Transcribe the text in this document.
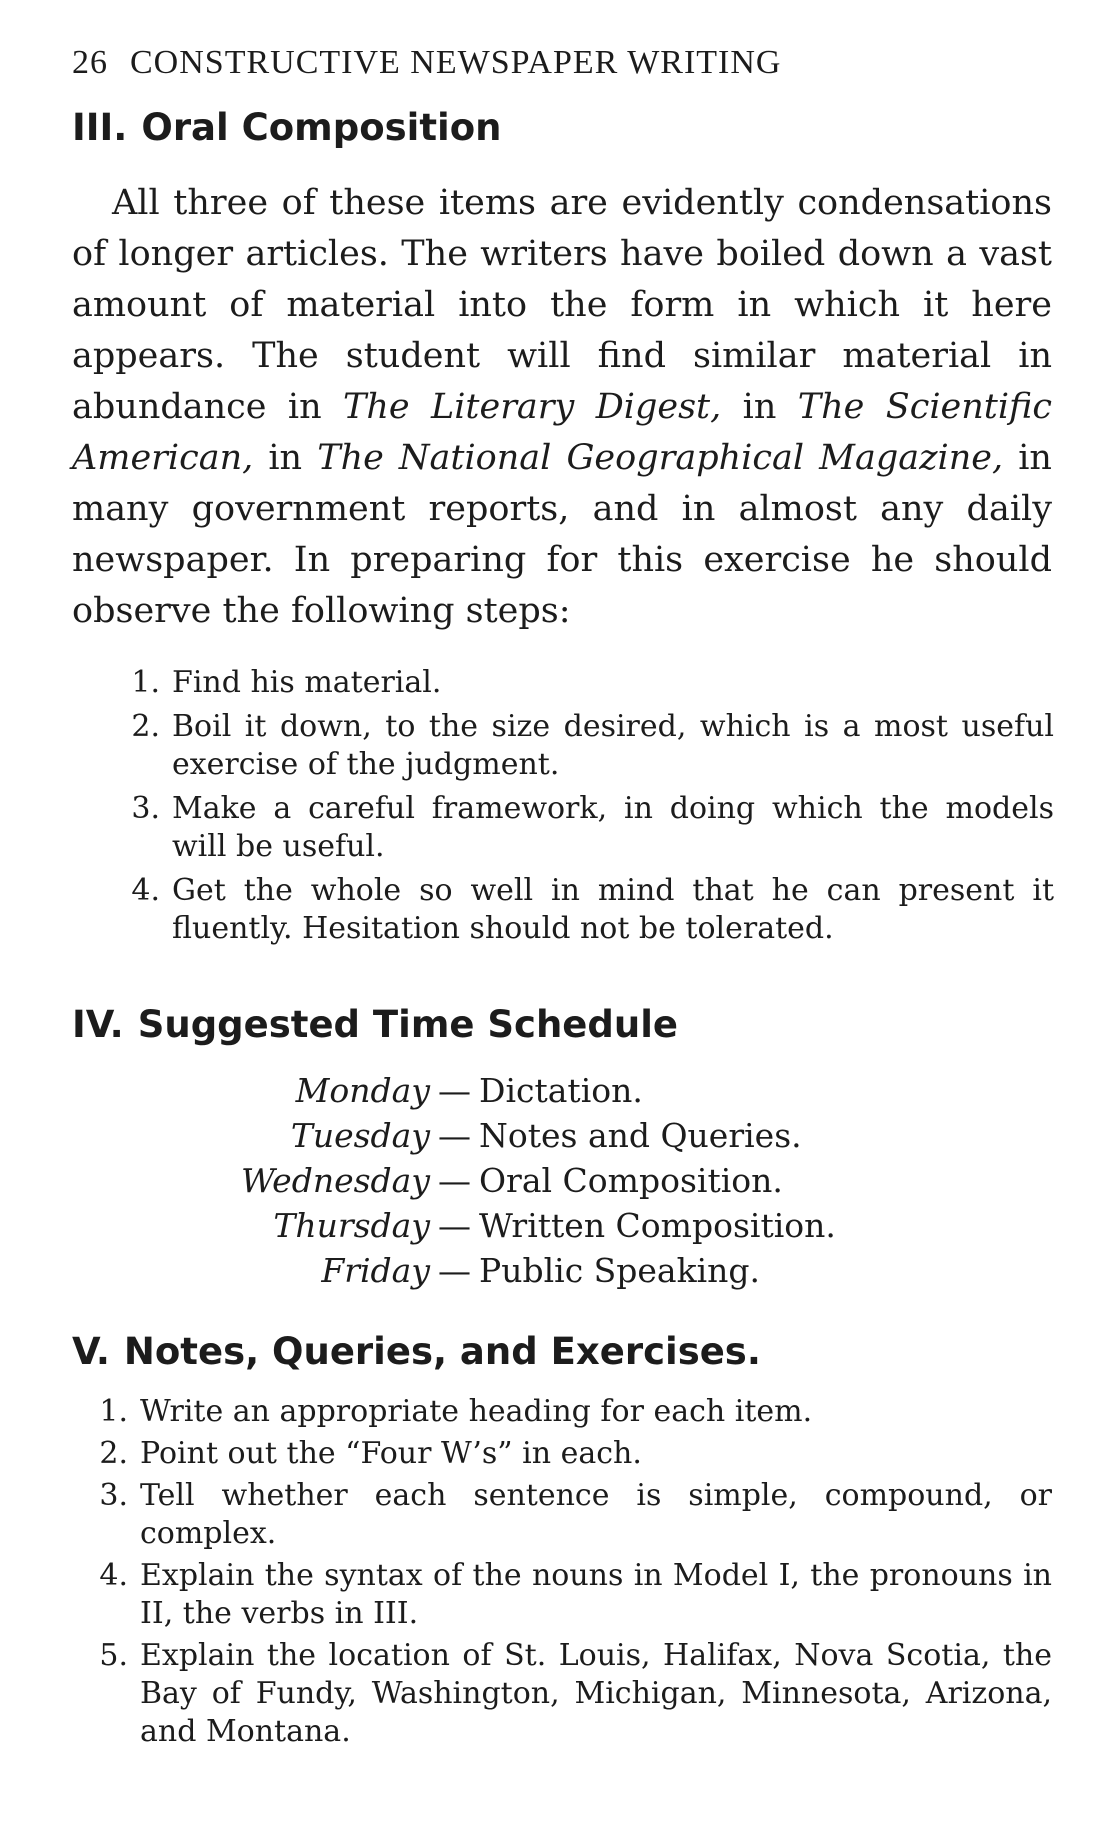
26 CONSTRUCTIVE NEWSPAPER WRITING
III. Oral Composition

All three of these items are evidently condensations of longer articles. The writers have boiled down a vast amount of material into the form in which it here appears. The student will find similar material in abundance in The Literary Digest, in The Scientific American, in The National Geographical Magazine, in many government reports, and in almost any daily newspaper. In preparing for this exercise he should observe the following steps:

1. Find his material.
2. Boil it down, to the size desired, which is a most useful exercise of the judgment.
3. Make a careful framework, in doing which the models will be useful.
4. Get the whole so well in mind that he can present it fluently. Hesitation should not be tolerated.
IV. Suggested Time Schedule
Monday — Dictation.
Tuesday — Notes and Queries.
Wednesday — Oral Composition.
Thursday — Written Composition.
Friday — Public Speaking.
V. Notes, Queries, and Exercises.
1. Write an appropriate heading for each item.
2. Point out the “Four W’s” in each.
3. Tell whether each sentence is simple, compound, or complex.
4. Explain the syntax of the nouns in Model I, the pronouns in II, the verbs in III.
5. Explain the location of St. Louis, Halifax, Nova Scotia, the Bay of Fundy, Washington, Michigan, Minnesota, Arizona, and Montana.
